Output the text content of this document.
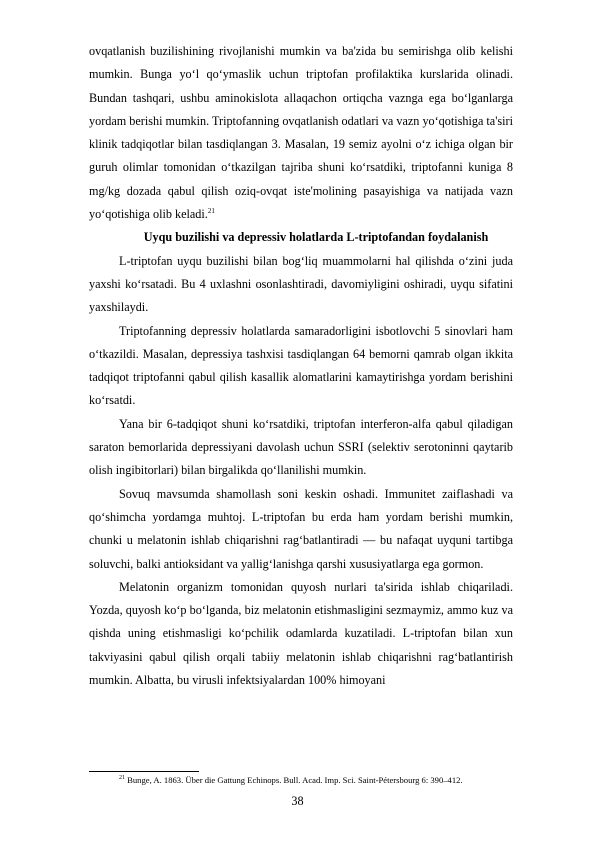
ovqatlanish buzilishining rivojlanishi mumkin va ba'zida bu semirishga olib kelishi mumkin. Bunga yo‘l qo‘ymaslik uchun triptofan profilaktika kurslarida olinadi. Bundan tashqari, ushbu aminokislota allaqachon ortiqcha vaznga ega bo‘lganlarga yordam berishi mumkin. Triptofanning ovqatlanish odatlari va vazn yo‘qotishiga ta'siri klinik tadqiqotlar bilan tasdiqlangan 3. Masalan, 19 semiz ayolni o‘z ichiga olgan bir guruh olimlar tomonidan o‘tkazilgan tajriba shuni ko‘rsatdiki, triptofanni kuniga 8 mg/kg dozada qabul qilish oziq-ovqat iste'molining pasayishiga va natijada vazn yo‘qotishiga olib keladi.$^{21}$

Uyqu buzilishi va depressiv holatlarda L-triptofandan foydalanish

L-triptofan uyqu buzilishi bilan bog‘liq muammolarni hal qilishda o‘zini juda yaxshi ko‘rsatadi. Bu 4 uxlashni osonlashtiradi, davomiyligini oshiradi, uyqu sifatini yaxshilaydi.

Triptofanning depressiv holatlarda samaradorligini isbotlovchi 5 sinovlari ham o‘tkazildi. Masalan, depressiya tashxisi tasdiqlangan 64 bemorni qamrab olgan ikkita tadqiqot triptofanni qabul qilish kasallik alomatlarini kamaytirishga yordam berishini ko‘rsatdi.

Yana bir 6-tadqiqot shuni ko‘rsatdiki, triptofan interferon-alfa qabul qiladigan saraton bemorlarida depressiyani davolash uchun SSRI (selektiv serotoninni qaytarib olish ingibitorlari) bilan birgalikda qo‘llanilishi mumkin.

Sovuq mavsumda shamollash soni keskin oshadi. Immunitet zaiflashadi va qo‘shimcha yordamga muhtoj. L-triptofan bu erda ham yordam berishi mumkin, chunki u melatonin ishlab chiqarishni rag‘batlantiradi — bu nafaqat uyquni tartibga soluvchi, balki antioksidant va yallig‘lanishga qarshi xususiyatlarga ega gormon.

Melatonin organizm tomonidan quyosh nurlari ta'sirida ishlab chiqariladi. Yozda, quyosh ko‘p bo‘lganda, biz melatonin etishmasligini sezmaymiz, ammo kuz va qishda uning etishmasligi ko‘pchilik odamlarda kuzatiladi. L-triptofan bilan xun takviyasini qabul qilish orqali tabiiy melatonin ishlab chiqarishni rag‘batlantirish mumkin. Albatta, bu virusli infektsiyalardan 100% himoyani

$^{21}$ Bunge, A. 1863. Über die Gattung Echinops. Bull. Acad. Imp. Sci. Saint-Pétersbourg 6: 390–412.
38
